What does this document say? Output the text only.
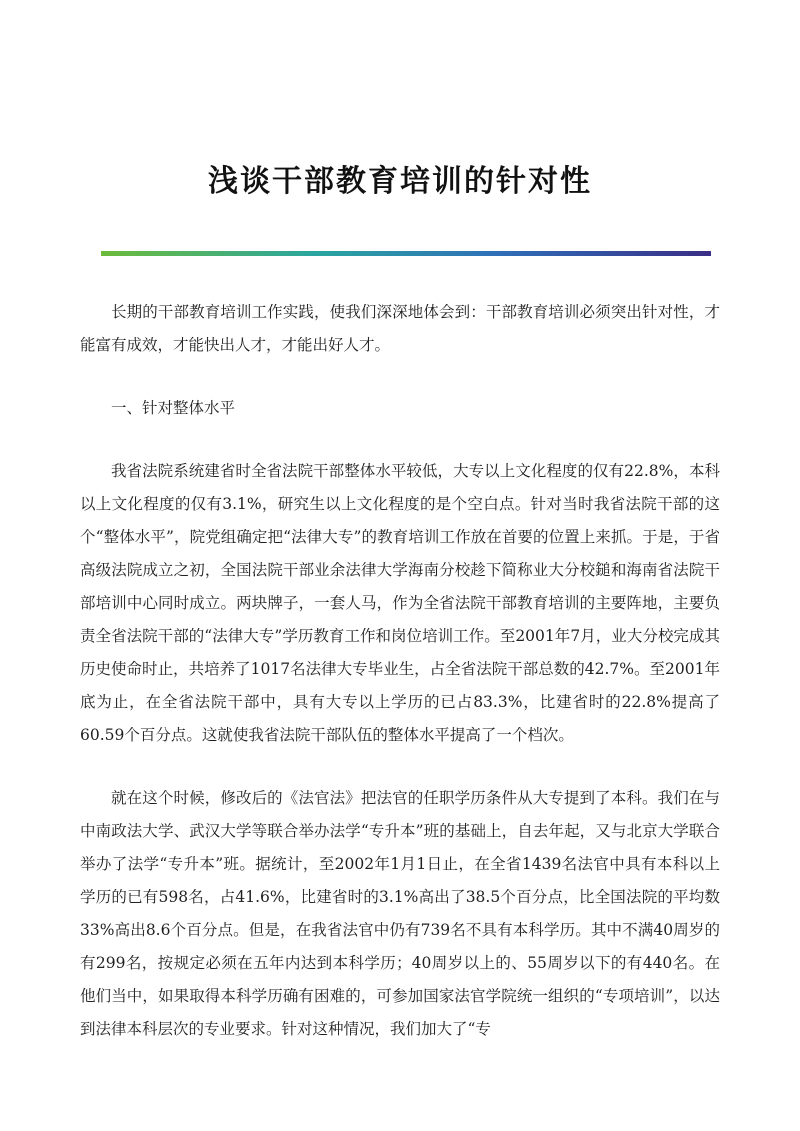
浅谈干部教育培训的针对性

长期的干部教育培训工作实践，使我们深深地体会到：干部教育培训必须突出针对性，才能富有成效，才能快出人才，才能出好人才。

一、针对整体水平

我省法院系统建省时全省法院干部整体水平较低，大专以上文化程度的仅有22.8%，本科以上文化程度的仅有3.1%，研究生以上文化程度的是个空白点。针对当时我省法院干部的这个“整体水平”，院党组确定把“法律大专”的教育培训工作放在首要的位置上来抓。于是，于省高级法院成立之初，全国法院干部业余法律大学海南分校趁下简称业大分校鎚和海南省法院干部培训中心同时成立。两块牌子，一套人马，作为全省法院干部教育培训的主要阵地，主要负责全省法院干部的“法律大专”学历教育工作和岗位培训工作。至2001年7月，业大分校完成其历史使命时止，共培养了1017名法律大专毕业生，占全省法院干部总数的42.7%。至2001年底为止，在全省法院干部中，具有大专以上学历的已占83.3%，比建省时的22.8%提高了60.59个百分点。这就使我省法院干部队伍的整体水平提高了一个档次。

就在这个时候，修改后的《法官法》把法官的任职学历条件从大专提到了本科。我们在与中南政法大学、武汉大学等联合举办法学“专升本”班的基础上，自去年起，又与北京大学联合举办了法学“专升本”班。据统计，至2002年1月1日止，在全省1439名法官中具有本科以上学历的已有598名，占41.6%，比建省时的3.1%高出了38.5个百分点，比全国法院的平均数33%高出8.6个百分点。但是，在我省法官中仍有739名不具有本科学历。其中不满40周岁的有299名，按规定必须在五年内达到本科学历；40周岁以上的、55周岁以下的有440名。在他们当中，如果取得本科学历确有困难的，可参加国家法官学院统一组织的“专项培训”，以达到法律本科层次的专业要求。针对这种情况，我们加大了“专
